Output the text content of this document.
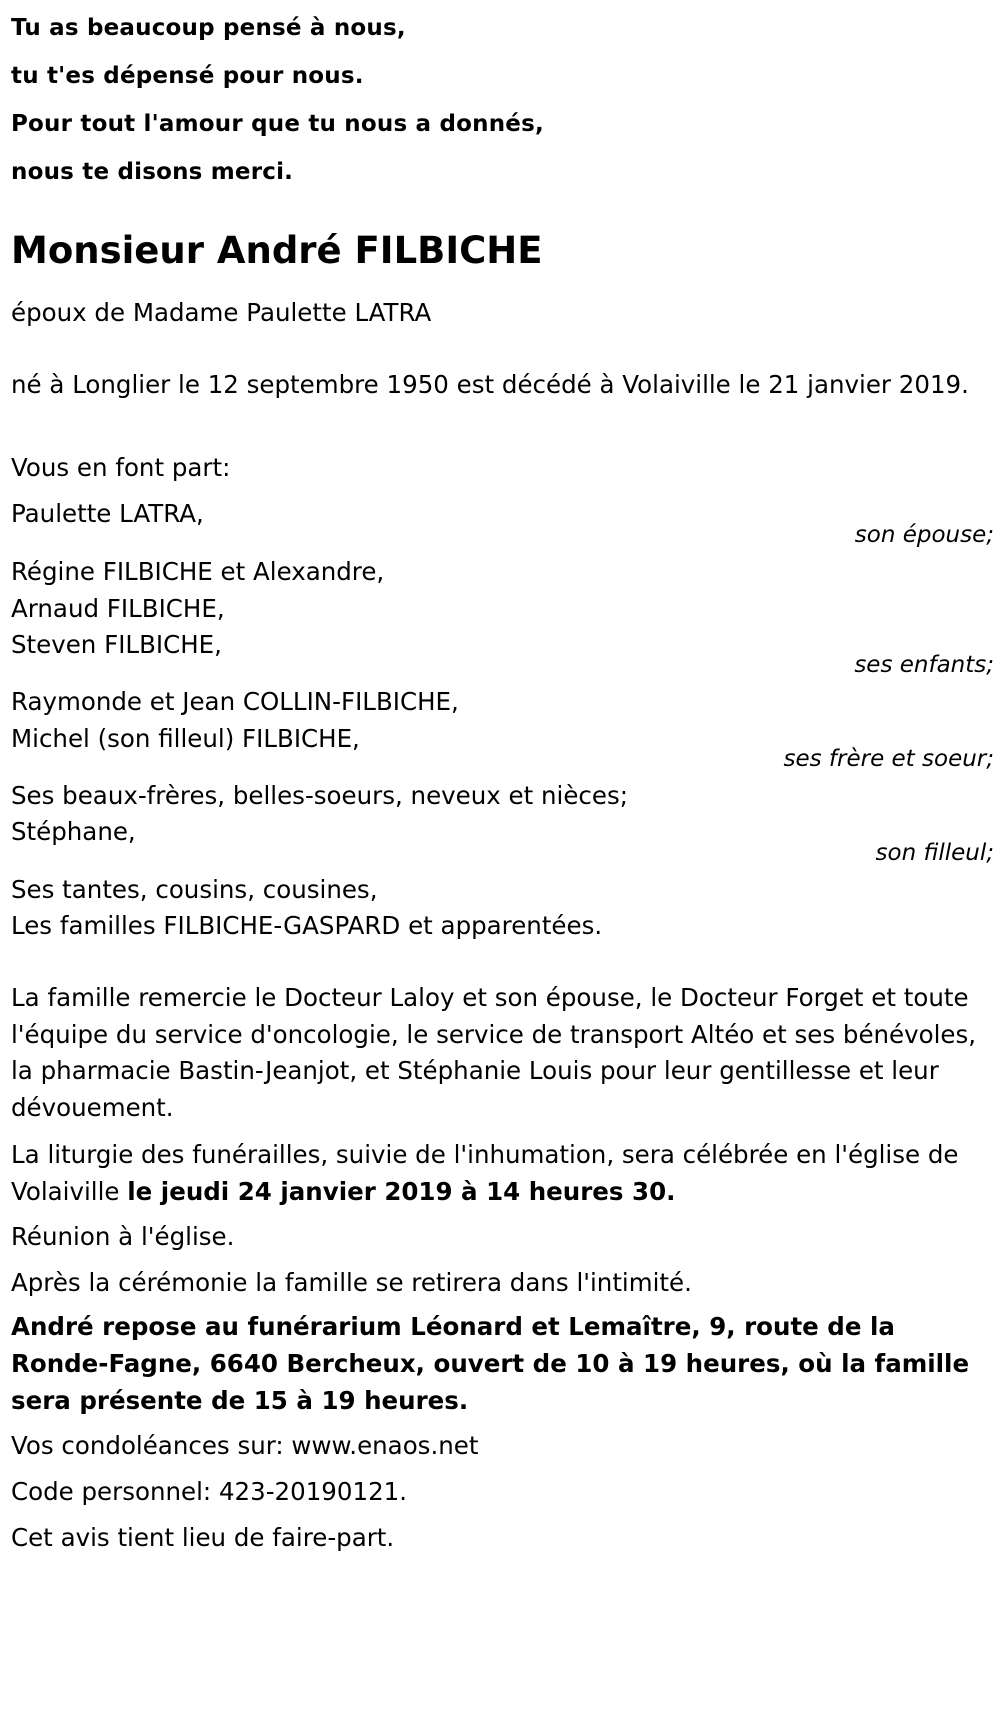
Tu as beaucoup pensé à nous,
tu t'es dépensé pour nous.
Pour tout l'amour que tu nous a donnés,
nous te disons merci.
Monsieur André FILBICHE
époux de Madame Paulette LATRA
né à Longlier le 12 septembre 1950 est décédé à Volaiville le 21 janvier 2019.
Vous en font part:
Paulette LATRA,
son épouse;
Régine FILBICHE et Alexandre,
Arnaud FILBICHE,
Steven FILBICHE,
ses enfants;
Raymonde et Jean COLLIN-FILBICHE,
Michel (son filleul) FILBICHE,
ses frère et soeur;
Ses beaux-frères, belles-soeurs, neveux et nièces;
Stéphane,
son filleul;
Ses tantes, cousins, cousines,
Les familles FILBICHE-GASPARD et apparentées.
La famille remercie le Docteur Laloy et son épouse, le Docteur Forget et toute l'équipe du service d'oncologie, le service de transport Altéo et ses bénévoles, la pharmacie Bastin-Jeanjot, et Stéphanie Louis pour leur gentillesse et leur dévouement.
La liturgie des funérailles, suivie de l'inhumation, sera célébrée en l'église de Volaiville le jeudi 24 janvier 2019 à 14 heures 30.
Réunion à l'église.
Après la cérémonie la famille se retirera dans l'intimité.
André repose au funérarium Léonard et Lemaître, 9, route de la Ronde-Fagne, 6640 Bercheux, ouvert de 10 à 19 heures, où la famille sera présente de 15 à 19 heures.
Vos condoléances sur: www.enaos.net
Code personnel: 423-20190121.
Cet avis tient lieu de faire-part.
